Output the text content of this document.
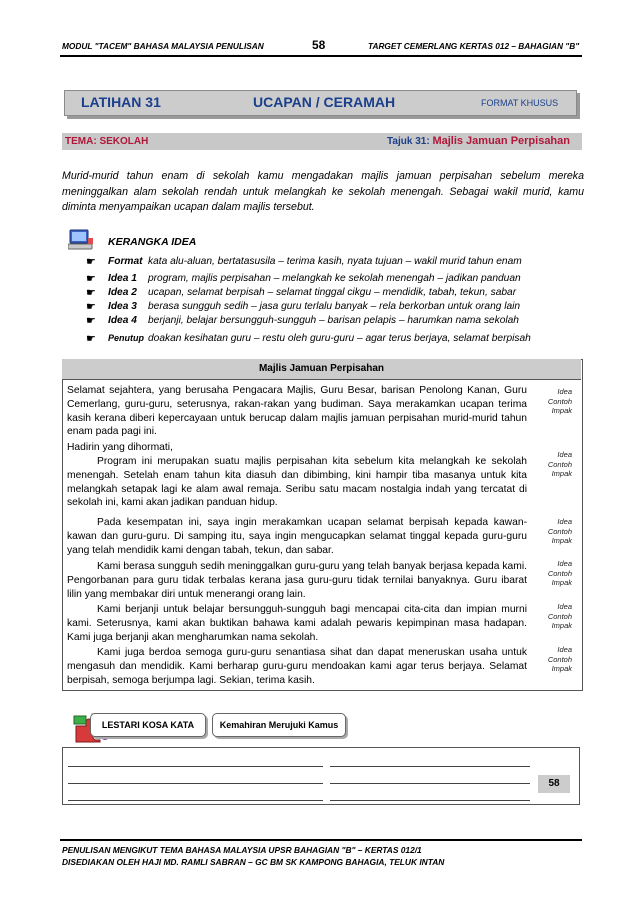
MODUL "TACEM" BAHASA MALAYSIA PENULISAN	58	TARGET CEMERLANG KERTAS 012 – BAHAGIAN "B"
LATIHAN 31	UCAPAN / CERAMAH	FORMAT KHUSUS
TEMA: SEKOLAH	Tajuk 31: Majlis Jamuan Perpisahan
Murid-murid tahun enam di sekolah kamu mengadakan majlis jamuan perpisahan sebelum mereka meninggalkan alam sekolah rendah untuk melangkah ke sekolah menengah. Sebagai wakil murid, kamu diminta menyampaikan ucapan dalam majlis tersebut.
KERANGKA IDEA
☛ Format kata alu-aluan, bertatasusila – terima kasih, nyata tujuan – wakil murid tahun enam
☛ Idea 1 program, majlis perpisahan – melangkah ke sekolah menengah – jadikan panduan
☛ Idea 2 ucapan, selamat berpisah – selamat tinggal cikgu – mendidik, tabah, tekun, sabar
☛ Idea 3 berasa sungguh sedih – jasa guru terlalu banyak – rela berkorban untuk orang lain
☛ Idea 4 berjanji, belajar bersungguh-sungguh – barisan pelapis – harumkan nama sekolah
☛ Penutup doakan kesihatan guru – restu oleh guru-guru – agar terus berjaya, selamat berpisah
Majlis Jamuan Perpisahan
Selamat sejahtera, yang berusaha Pengacara Majlis, Guru Besar, barisan Penolong Kanan, Guru Cemerlang, guru-guru, seterusnya, rakan-rakan yang budiman. Saya merakamkan ucapan terima kasih kerana diberi kepercayaan untuk berucap dalam majlis jamuan perpisahan murid-murid tahun enam pada pagi ini.
Hadirin yang dihormati,
Program ini merupakan suatu majlis perpisahan kita sebelum kita melangkah ke sekolah menengah. Setelah enam tahun kita diasuh dan dibimbing, kini hampir tiba masanya untuk kita melangkah setapak lagi ke alam awal remaja. Seribu satu macam nostalgia indah yang tercatat di sekolah ini, kami akan jadikan panduan hidup.
Pada kesempatan ini, saya ingin merakamkan ucapan selamat berpisah kepada kawan-kawan dan guru-guru. Di samping itu, saya ingin mengucapkan selamat tinggal kepada guru-guru yang telah mendidik kami dengan tabah, tekun, dan sabar.
Kami berasa sungguh sedih meninggalkan guru-guru yang telah banyak berjasa kepada kami. Pengorbanan para guru tidak terbalas kerana jasa guru-guru tidak ternilai banyaknya. Guru ibarat lilin yang membakar diri untuk menerangi orang lain.
Kami berjanji untuk belajar bersungguh-sungguh bagi mencapai cita-cita dan impian murni kami. Seterusnya, kami akan buktikan bahawa kami adalah pewaris kepimpinan masa hadapan. Kami juga berjanji akan mengharumkan nama sekolah.
Kami juga berdoa semoga guru-guru senantiasa sihat dan dapat meneruskan usaha untuk mengasuh dan mendidik. Kami berharap guru-guru mendoakan kami agar terus berjaya. Selamat berpisah, semoga berjumpa lagi. Sekian, terima kasih.
Idea
Contoh
Impak
Idea
Contoh
Impak
Idea
Contoh
Impak
Idea
Contoh
Impak
Idea
Contoh
Impak
Idea
Contoh
Impak
LESTARI KOSA KATA	Kemahiran Merujuki Kamus
58
PENULISAN MENGIKUT TEMA BAHASA MALAYSIA UPSR BAHAGIAN "B" – KERTAS 012/1
DISEDIAKAN OLEH HAJI MD. RAMLI SABRAN – GC BM SK KAMPONG BAHAGIA, TELUK INTAN
